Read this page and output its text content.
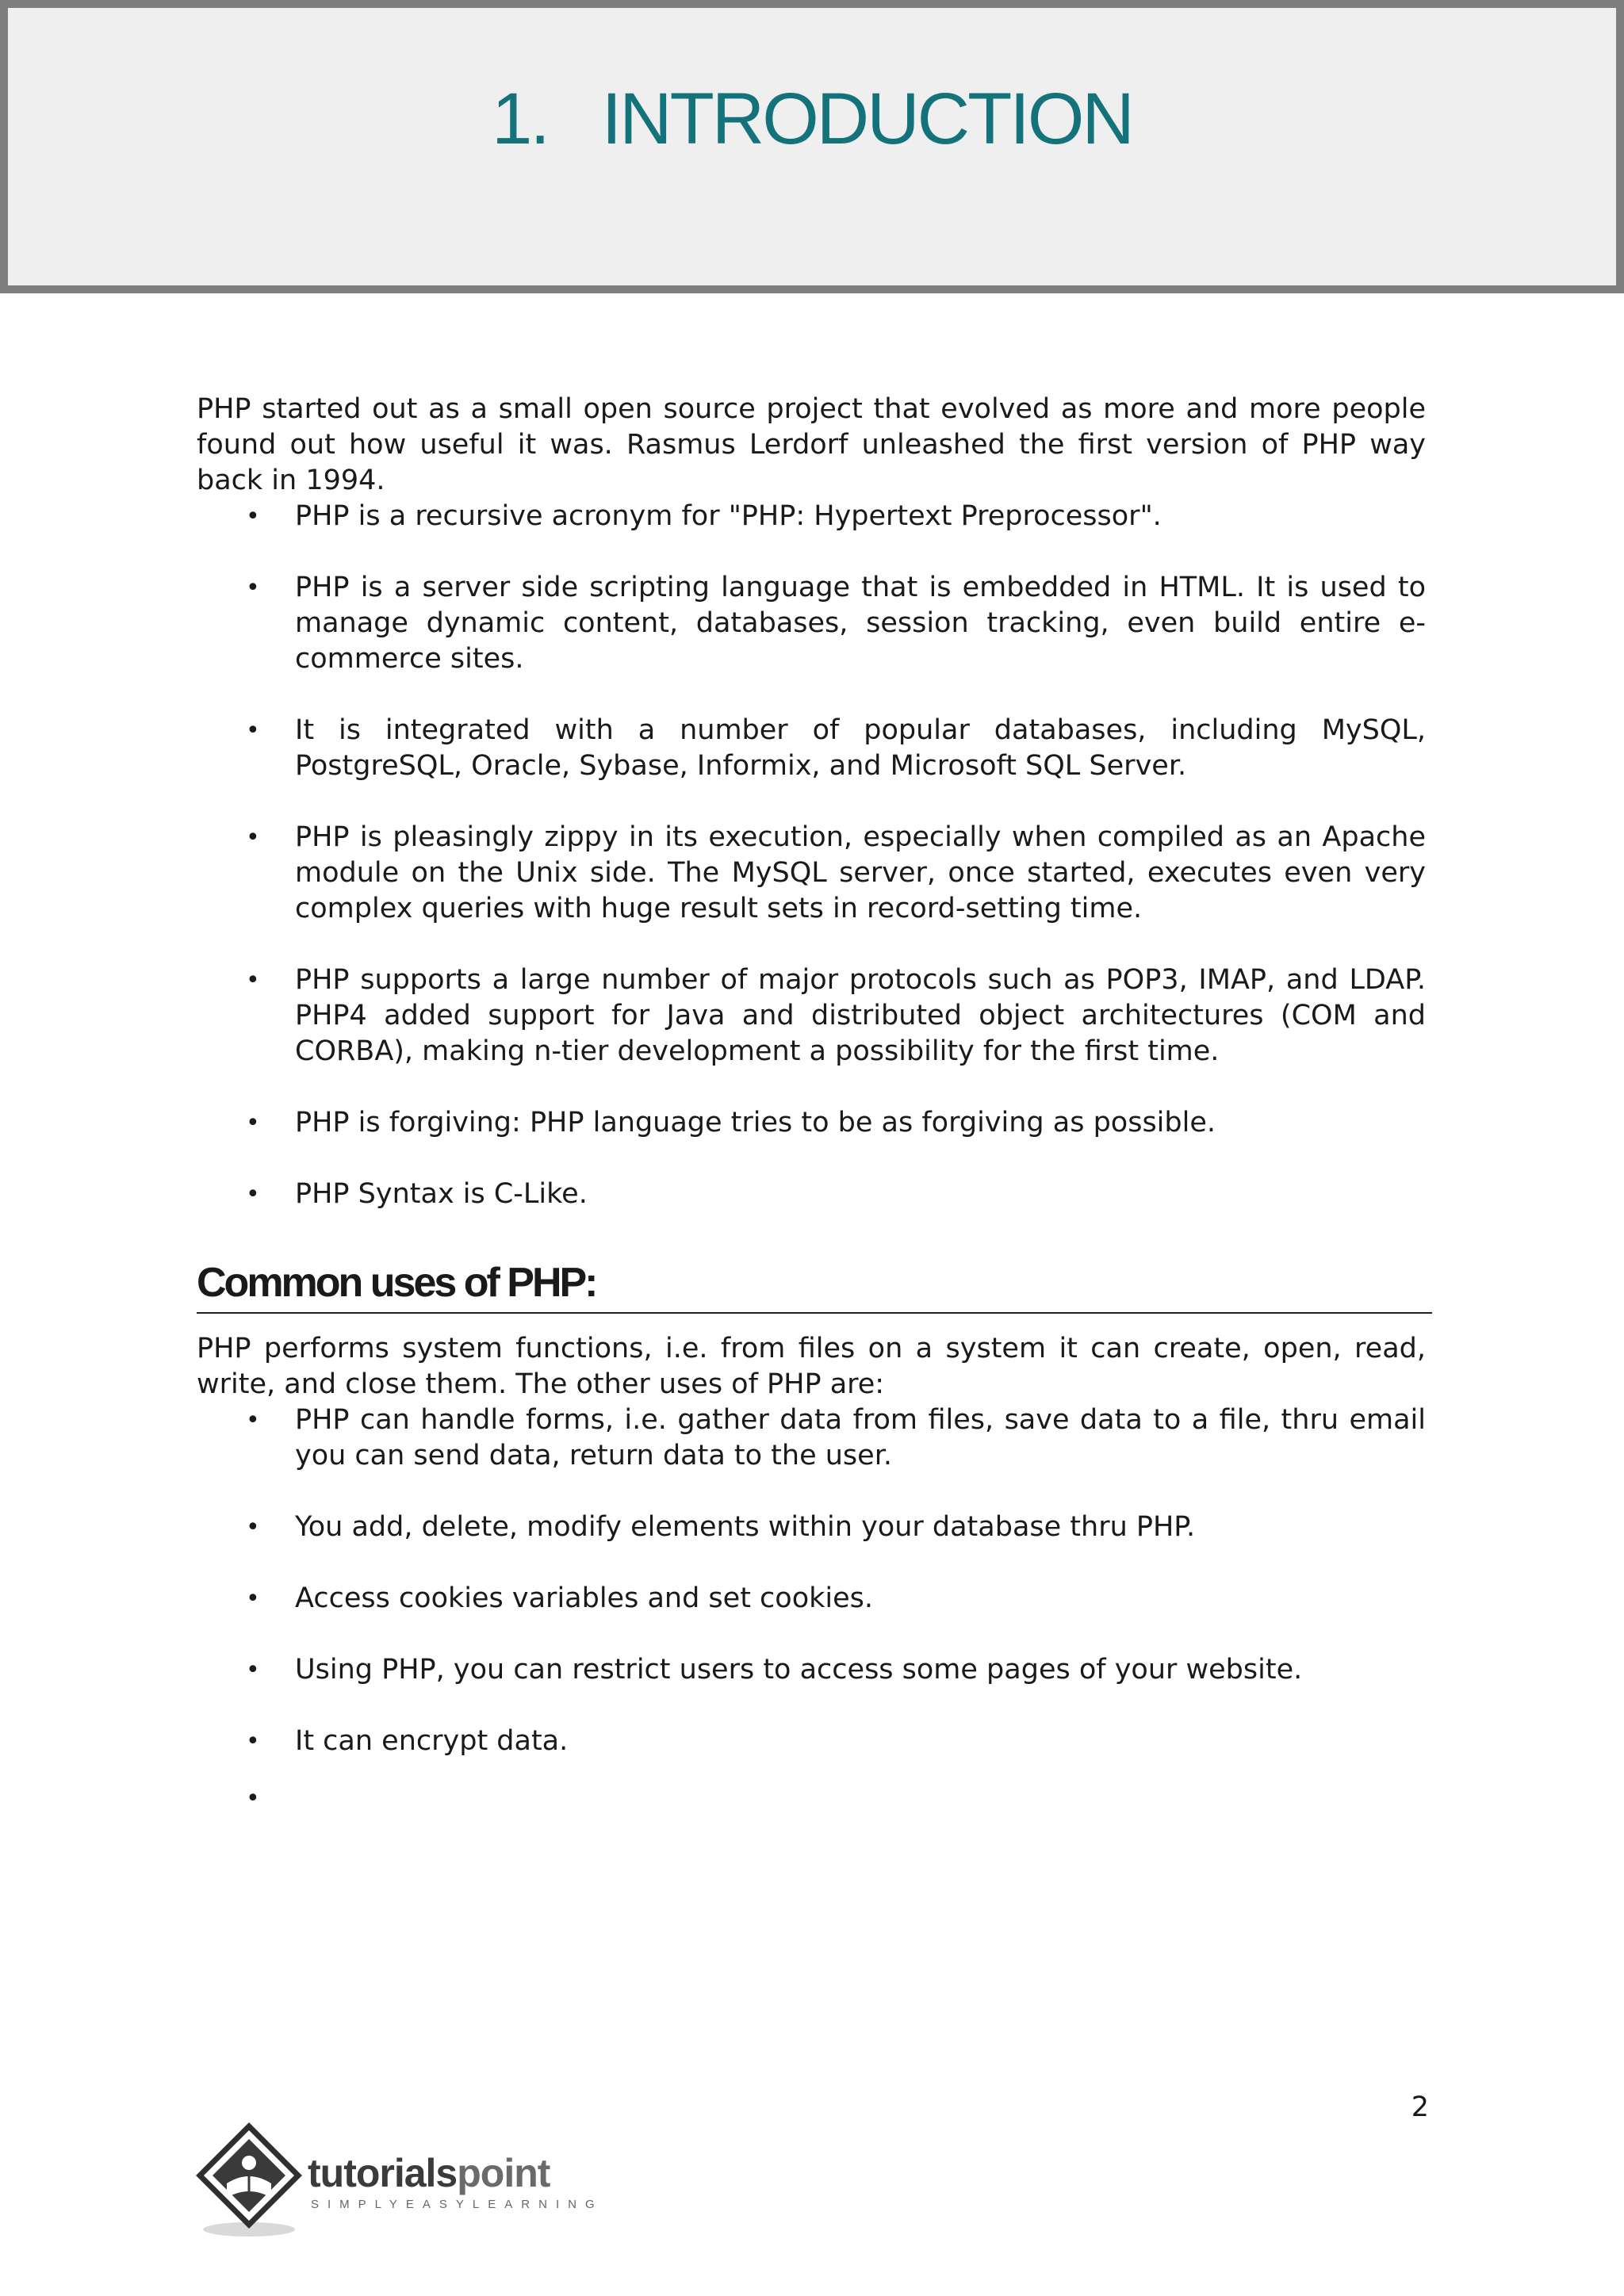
1.   INTRODUCTION

PHP started out as a small open source project that evolved as more and more people found out how useful it was. Rasmus Lerdorf unleashed the first version of PHP way back in 1994.

• PHP is a recursive acronym for "PHP: Hypertext Preprocessor".
• PHP is a server side scripting language that is embedded in HTML. It is used to manage dynamic content, databases, session tracking, even build entire e-commerce sites.
• It is integrated with a number of popular databases, including MySQL, PostgreSQL, Oracle, Sybase, Informix, and Microsoft SQL Server.
• PHP is pleasingly zippy in its execution, especially when compiled as an Apache module on the Unix side. The MySQL server, once started, executes even very complex queries with huge result sets in record-setting time.
• PHP supports a large number of major protocols such as POP3, IMAP, and LDAP. PHP4 added support for Java and distributed object architectures (COM and CORBA), making n-tier development a possibility for the first time.
• PHP is forgiving: PHP language tries to be as forgiving as possible.
• PHP Syntax is C-Like.
Common uses of PHP:

PHP performs system functions, i.e. from files on a system it can create, open, read, write, and close them. The other uses of PHP are:

• PHP can handle forms, i.e. gather data from files, save data to a file, thru email you can send data, return data to the user.
• You add, delete, modify elements within your database thru PHP.
• Access cookies variables and set cookies.
• Using PHP, you can restrict users to access some pages of your website.
• It can encrypt data.
•
2
tutorialspoint
SIMPLYEASYLEARNING
